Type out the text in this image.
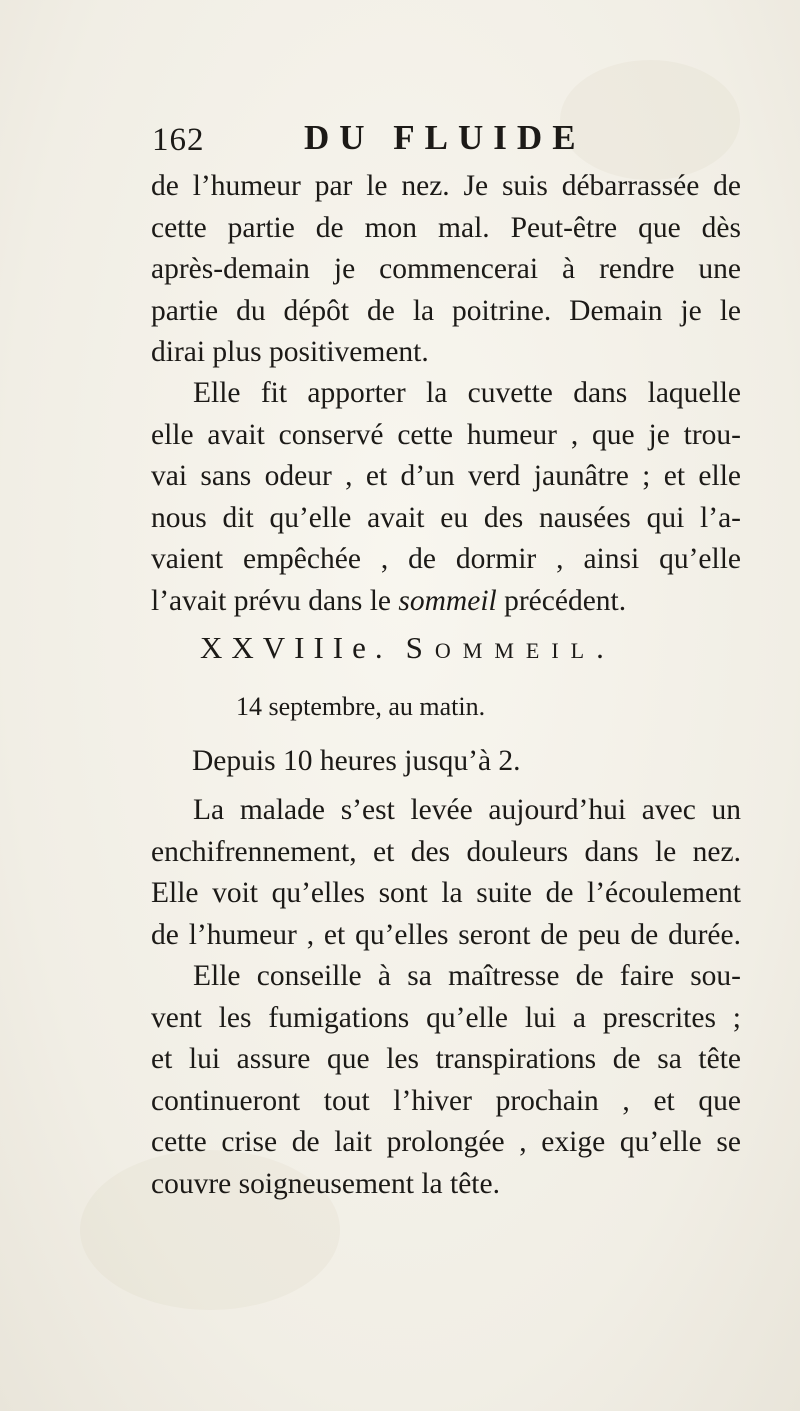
162	DU FLUIDE
de l’humeur par le nez. Je suis débarrassée de
cette partie de mon mal. Peut-être que dès
après-demain je commencerai à rendre une
partie du dépôt de la poitrine. Demain je le
dirai plus positivement.
Elle fit apporter la cuvette dans laquelle
elle avait conservé cette humeur , que je trou-
vai sans odeur , et d’un verd jaunâtre ; et elle
nous dit qu’elle avait eu des nausées qui l’a-
vaient empêchée , de dormir , ainsi qu’elle
l’avait prévu dans le sommeil précédent.
XXVIIIe. Sommeil.
14 septembre, au matin.
Depuis 10 heures jusqu’à 2.
La malade s’est levée aujourd’hui avec un
enchifrennement, et des douleurs dans le nez.
Elle voit qu’elles sont la suite de l’écoulement
de l’humeur , et qu’elles seront de peu de durée.
Elle conseille à sa maîtresse de faire sou-
vent les fumigations qu’elle lui a prescrites ;
et lui assure que les transpirations de sa tête
continueront tout l’hiver prochain , et que
cette crise de lait prolongée , exige qu’elle se
couvre soigneusement la tête.
